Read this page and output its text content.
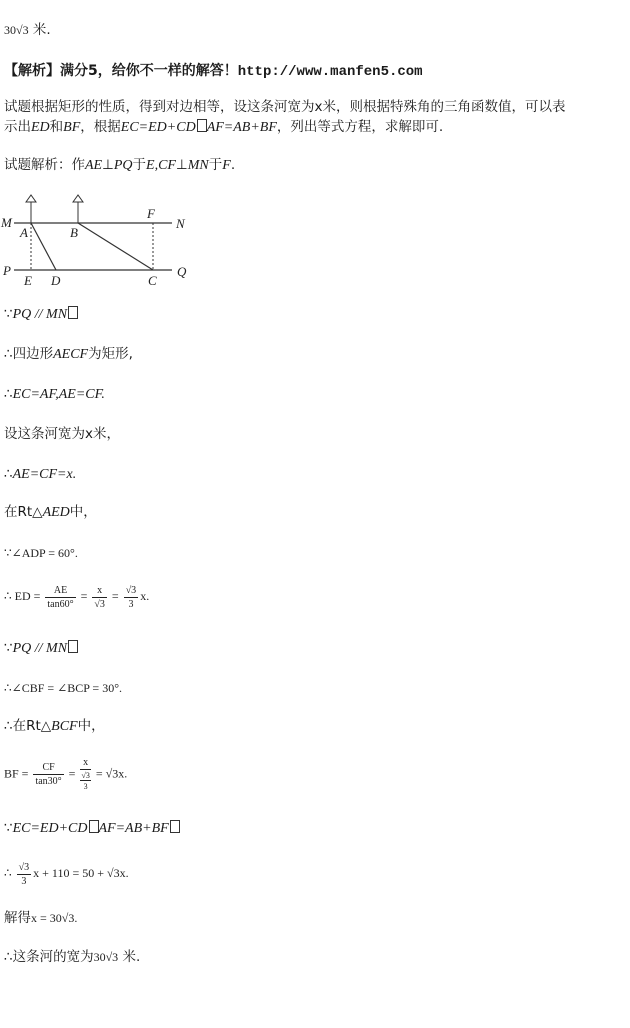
30√3 米.
【解析】满分5，给你不一样的解答！http://www.manfen5.com
试题根据矩形的性质，得到对边相等，设这条河宽为x米，则根据特殊角的三角函数值，可以表
示出ED和BF，根据EC=ED+CD AF=AB+BF，列出等式方程，求解即可.
试题解析：作AE⊥PQ于E,CF⊥MN于F.
M	N
A	B
F
P	Q
E D	C
∵PQ // MN
∴四边形AECF为矩形,
∴EC=AF,AE=CF.
设这条河宽为x米，
∴AE=CF=x.
在Rt△AED中，
∵∠ADP = 60°.
∴ ED = $\frac{AE}{\tan 60^\circ} = \frac{x}{√3} = \frac{√3}{3} x$.
∵PQ // MN
∴∠CBF = ∠BCP = 30°.
∴在Rt△BCF中，
BF = $\frac{CF}{\tan 30^\circ} = \frac{x}{\frac{√3}{3}} = √3x$.
∵EC=ED+CD AF=AB+BF
∴ $\frac{√3}{3}$ x + 110 = 50 + √3x.
解得x = 30√3.
∴这条河的宽为30√3 米.
